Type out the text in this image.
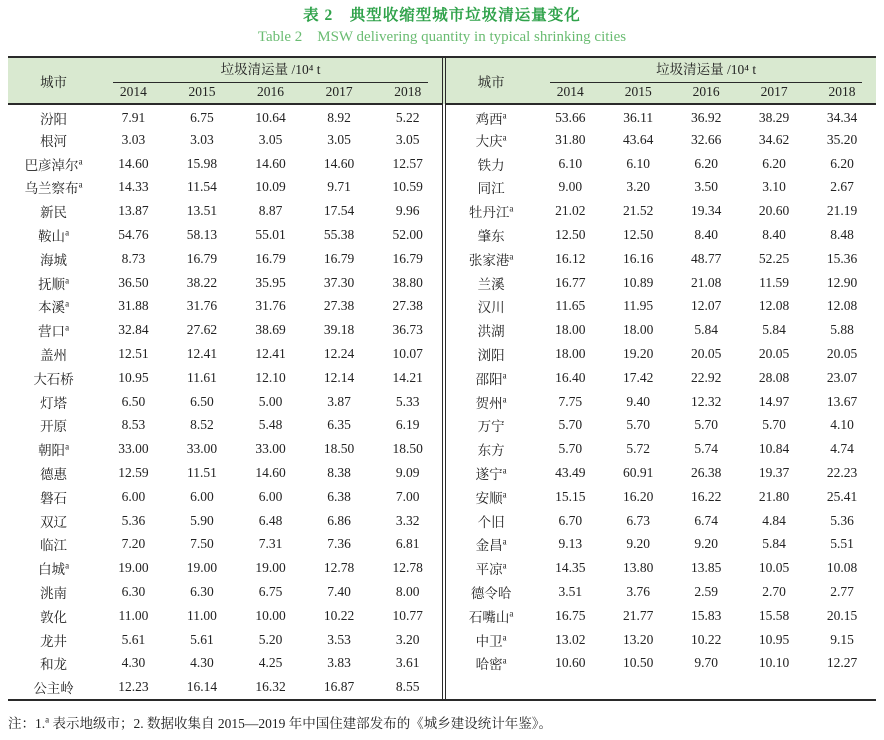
表 2　典型收缩型城市垃圾清运量变化
Table 2　MSW delivering quantity in typical shrinking cities
城市	垃圾清运量 /10⁴ t				

	2014	2015	2016	2017	2018
汾阳	7.91	6.75	10.64	8.92	5.22
根河	3.03	3.03	3.05	3.05	3.05
巴彦淖尔$^a$	14.60	15.98	14.60	14.60	12.57
乌兰察布$^a$	14.33	11.54	10.09	9.71	10.59
新民	13.87	13.51	8.87	17.54	9.96
鞍山$^a$	54.76	58.13	55.01	55.38	52.00
海城	8.73	16.79	16.79	16.79	16.79
抚顺$^a$	36.50	38.22	35.95	37.30	38.80
本溪$^a$	31.88	31.76	31.76	27.38	27.38
营口$^a$	32.84	27.62	38.69	39.18	36.73
盖州	12.51	12.41	12.41	12.24	10.07
大石桥	10.95	11.61	12.10	12.14	14.21
灯塔	6.50	6.50	5.00	3.87	5.33
开原	8.53	8.52	5.48	6.35	6.19
朝阳$^a$	33.00	33.00	33.00	18.50	18.50
德惠	12.59	11.51	14.60	8.38	9.09
磐石	6.00	6.00	6.00	6.38	7.00
双辽	5.36	5.90	6.48	6.86	3.32
临江	7.20	7.50	7.31	7.36	6.81
白城$^a$	19.00	19.00	19.00	12.78	12.78
洮南	6.30	6.30	6.75	7.40	8.00
敦化	11.00	11.00	10.00	10.22	10.77
龙井	5.61	5.61	5.20	3.53	3.20
和龙	4.30	4.30	4.25	3.83	3.61
公主岭	12.23	16.14	16.32	16.87	8.55
城市	垃圾清运量 /10⁴ t				

	2014	2015	2016	2017	2018
鸡西$^a$	53.66	36.11	36.92	38.29	34.34
大庆$^a$	31.80	43.64	32.66	34.62	35.20
铁力	6.10	6.10	6.20	6.20	6.20
同江	9.00	3.20	3.50	3.10	2.67
牡丹江$^a$	21.02	21.52	19.34	20.60	21.19
肇东	12.50	12.50	8.40	8.40	8.48
张家港$^a$	16.12	16.16	48.77	52.25	15.36
兰溪	16.77	10.89	21.08	11.59	12.90
汉川	11.65	11.95	12.07	12.08	12.08
洪湖	18.00	18.00	5.84	5.84	5.88
浏阳	18.00	19.20	20.05	20.05	20.05
邵阳$^a$	16.40	17.42	22.92	28.08	23.07
贺州$^a$	7.75	9.40	12.32	14.97	13.67
万宁	5.70	5.70	5.70	5.70	4.10
东方	5.70	5.72	5.74	10.84	4.74
遂宁$^a$	43.49	60.91	26.38	19.37	22.23
安顺$^a$	15.15	16.20	16.22	21.80	25.41
个旧	6.70	6.73	6.74	4.84	5.36
金昌$^a$	9.13	9.20	9.20	5.84	5.51
平凉$^a$	14.35	13.80	13.85	10.05	10.08
德令哈	3.51	3.76	2.59	2.70	2.77
石嘴山$^a$	16.75	21.77	15.83	15.58	20.15
中卫$^a$	13.02	13.20	10.22	10.95	9.15
哈密$^a$	10.60	10.50	9.70	10.10	12.27
注：1.$^a$ 表示地级市；2. 数据收集自 2015—2019 年中国住建部发布的《城乡建设统计年鉴》。
